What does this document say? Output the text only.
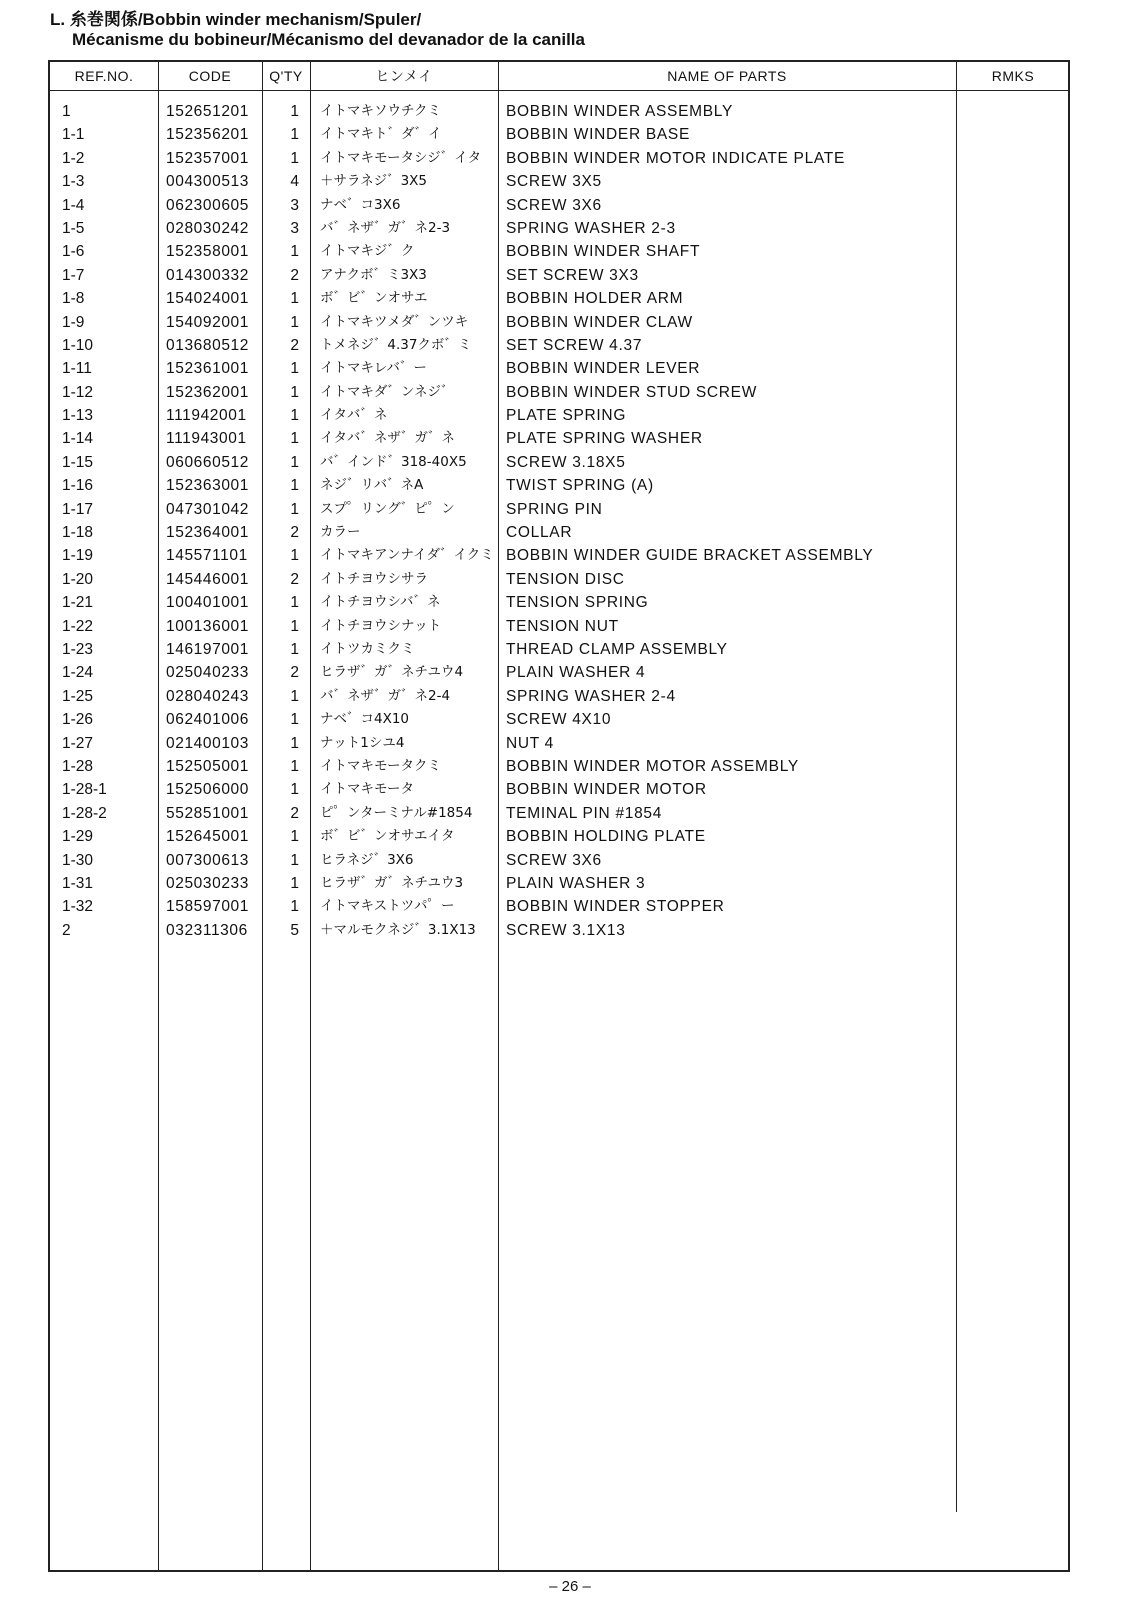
L. 糸巻関係/Bobbin winder mechanism/Spuler/
Mécanisme du bobineur/Mécanismo del devanador de la canilla
REF.NO.	CODE	Q'TY	ヒンメイ	NAME OF PARTS	RMKS
1	152651201	1 イトマキソウチクミ	BOBBIN WINDER ASSEMBLY
1-1	152356201	1 イトマキト゛ダ゛イ	BOBBIN WINDER BASE
1-2	152357001	1 イトマキモータシジ゛イタ BOBBIN WINDER MOTOR INDICATE PLATE
1-3	004300513	4 ＋サラネジ゛3X5	SCREW 3X5
1-4	062300605	3 ナベ゛コ3X6	SCREW 3X6
1-5	028030242	3 バ゛ネザ゛ガ゛ネ2-3	SPRING WASHER 2-3
1-6	152358001	1 イトマキジ゛ク	BOBBIN WINDER SHAFT
1-7	014300332	2 アナクボ゛ミ3X3	SET SCREW 3X3
1-8	154024001	1 ボ゛ビ゛ンオサエ	BOBBIN HOLDER ARM
1-9	154092001	1 イトマキツメダ゛ンツキ BOBBIN WINDER CLAW
1-10	013680512	2 トメネジ゛4.37クボ゛ミ SET SCREW 4.37
1-11	152361001	1 イトマキレバ゛ー	BOBBIN WINDER LEVER
1-12	152362001	1 イトマキダ゛ンネジ゛	BOBBIN WINDER STUD SCREW
1-13	111942001	1 イタバ゛ネ	PLATE SPRING
1-14	111943001	1 イタバ゛ネザ゛ガ゛ネ	PLATE SPRING WASHER
1-15	060660512	1 バ゛インド゛318-40X5	SCREW 3.18X5
1-16	152363001	1 ネジ゛リバ゛ネA	TWIST SPRING (A)
1-17	047301042	1 スプ゜リング゛ピ゜ン	SPRING PIN
1-18	152364001	2 カラー	COLLAR
1-19	145571101	1 イトマキアンナイダ゛イクミ BOBBIN WINDER GUIDE BRACKET ASSEMBLY
1-20	145446001	2 イトチヨウシサラ	TENSION DISC
1-21	100401001	1 イトチヨウシバ゛ネ	TENSION SPRING
1-22	100136001	1 イトチヨウシナット	TENSION NUT
1-23	146197001	1 イトツカミクミ	THREAD CLAMP ASSEMBLY
1-24	025040233	2 ヒラザ゛ガ゛ネチユウ4	PLAIN WASHER 4
1-25	028040243	1 バ゛ネザ゛ガ゛ネ2-4	SPRING WASHER 2-4
1-26	062401006	1 ナベ゛コ4X10	SCREW 4X10
1-27	021400103	1 ナット1シユ4	NUT 4
1-28	152505001	1 イトマキモータクミ	BOBBIN WINDER MOTOR ASSEMBLY
1-28-1	152506000	1 イトマキモータ	BOBBIN WINDER MOTOR
1-28-2	552851001	2 ピ゜ンターミナル#1854 TEMINAL PIN #1854
1-29	152645001	1 ボ゛ビ゛ンオサエイタ	BOBBIN HOLDING PLATE
1-30	007300613	1 ヒラネジ゛3X6	SCREW 3X6
1-31	025030233	1 ヒラザ゛ガ゛ネチユウ3	PLAIN WASHER 3
1-32	158597001	1 イトマキストツパ゜ー	BOBBIN WINDER STOPPER
2	032311306	5 ＋マルモクネジ゛3.1X13 SCREW 3.1X13
– 26 –
